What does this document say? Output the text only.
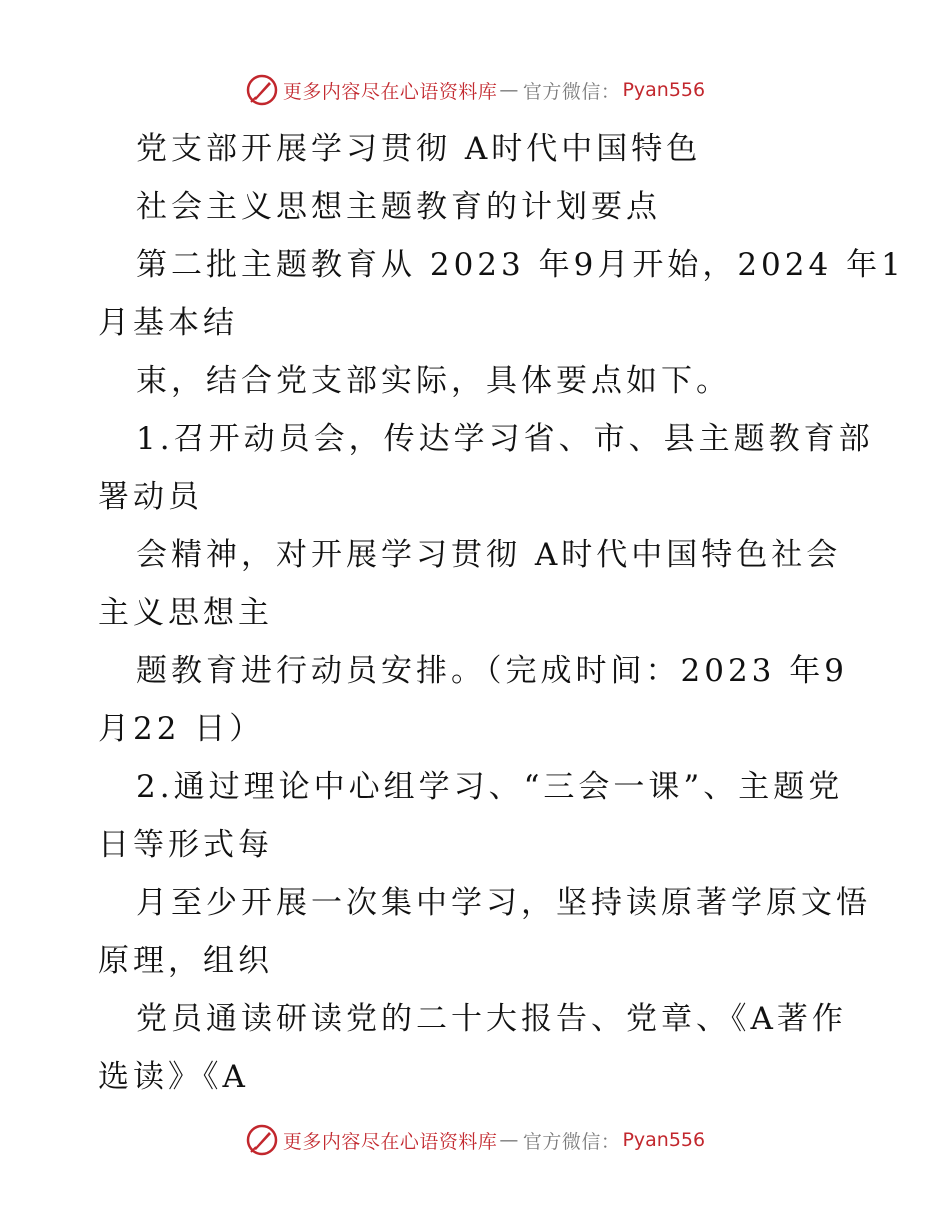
更多内容尽在心语资料库 — 官方微信： Pyan556
党支部开展学习贯彻 A时代中国特色
社会主义思想主题教育的计划要点
第二批主题教育从 2023 年9月开始，2024 年1
月基本结
束，结合党支部实际，具体要点如下。
1.召开动员会，传达学习省、市、县主题教育部
署动员
会精神，对开展学习贯彻 A时代中国特色社会
主义思想主
题教育进行动员安排。（完成时间：2023 年9
月22 日）
2.通过理论中心组学习、“三会一课”、主题党
日等形式每
月至少开展一次集中学习，坚持读原著学原文悟
原理，组织
党员通读研读党的二十大报告、党章、《A著作
选读》《A
更多内容尽在心语资料库 — 官方微信： Pyan556
